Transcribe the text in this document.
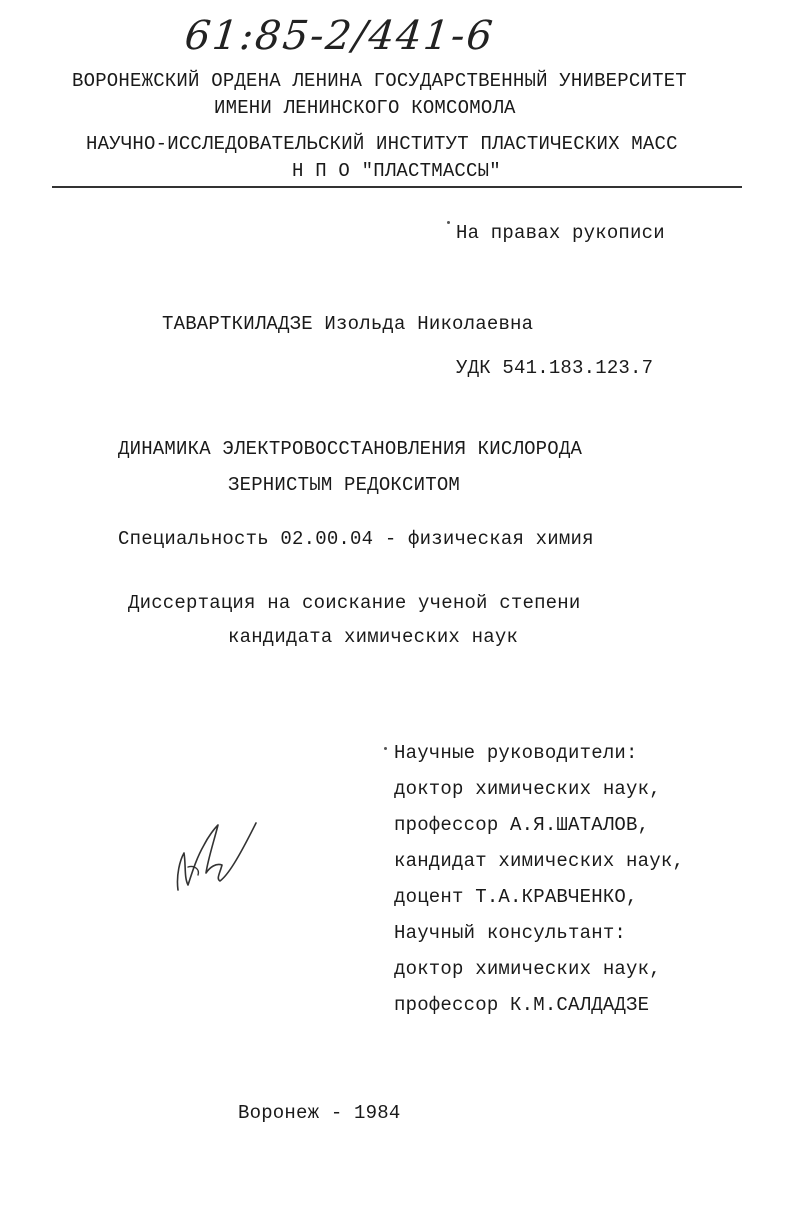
61:85-2/441-6
ВОРОНЕЖСКИЙ ОРДЕНА ЛЕНИНА ГОСУДАРСТВЕННЫЙ УНИВЕРСИТЕТ
ИМЕНИ ЛЕНИНСКОГО КОМСОМОЛА
НАУЧНО-ИССЛЕДОВАТЕЛЬСКИЙ ИНСТИТУТ ПЛАСТИЧЕСКИХ МАСС
Н П О "ПЛАСТМАССЫ"
На правах рукописи
ТАВАРТКИЛАДЗЕ Изольда Николаевна
УДК 541.183.123.7
ДИНАМИКА ЭЛЕКТРОВОССТАНОВЛЕНИЯ КИСЛОРОДА
ЗЕРНИСТЫМ РЕДОКСИТОМ
Специальность 02.00.04 - физическая химия
Диссертация на соискание ученой степени
кандидата химических наук
Научные руководители:
доктор химических наук,
профессор А.Я.ШАТАЛОВ,
кандидат химических наук,
доцент Т.А.КРАВЧЕНКО,
Научный консультант:
доктор химических наук,
профессор К.М.САЛДАДЗЕ
Воронеж - 1984
